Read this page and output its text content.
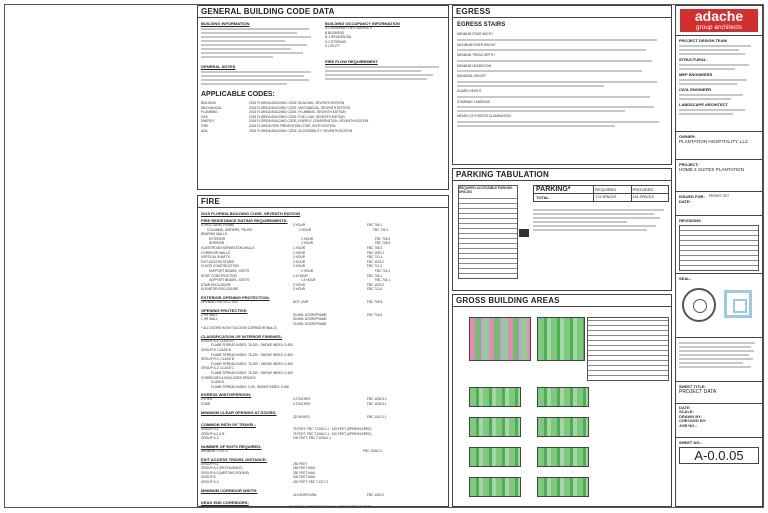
GENERAL BUILDING CODE DATA
BUILDING INFORMATION
GENERAL NOTES
BUILDING OCCUPANCY INFORMATION
A-2 ASSEMBLY RESTAURANTS
B BUSINESS
R-1 RESIDENTIAL
S-2 STORAGE
U UTILITY
FIRE FLOW REQUIREMENT
APPLICABLE CODES:
BUILDING	2015 FLORIDA BUILDING CODE, BUILDING, SEVENTH EDITION
MECHANICAL	2015 FLORIDA BUILDING CODE, MECHANICAL, SEVENTH EDITION
PLUMBING	2015 FLORIDA BUILDING CODE, PLUMBING, SEVENTH EDITION
GAS	2015 FLORIDA BUILDING CODE, FUEL GAS, SEVENTH EDITION
ENERGY	2015 FLORIDA BUILDING CODE, ENERGY CONSERVATION, SEVENTH EDITION
FIRE	2015 FLORIDA FIRE PREVENTION CODE, SIXTH EDITION
ADA	2015 FLORIDA BUILDING CODE, ACCESSIBILITY, SEVENTH EDITION
FIRE
2015 FLORIDA BUILDING CODE, SEVENTH EDITION
FIRE RESISTANCE RATING REQUIREMENTS:
STRUCTURAL FRAME	2 HOUR	FBC 704.1
COLUMNS, GIRDERS, TRUSS	2 HOUR	FBC 704.1
BEARING WALLS:
EXTERIOR	2 HOUR	FBC 705.5
INTERIOR	2 HOUR	FBC 705.5
GUESTROOM SEPARATION WALLS	1 HOUR	FBC 708.3
CORRIDOR WALLS	1 HOUR	FBC 1020.1
VERTICAL SHAFTS	2 HOUR	FBC 713.4
EXIT ACCESS STAIRS	2 HOUR	FBC 1023.2
FLOOR CONSTRUCTION	2 HOUR	FBC 711.2
SUPPORT BEAMS, JOISTS	2 HOUR	FBC 704.1
ROOF CONSTRUCTION	1.5 HOUR	FBC 705.1
SUPPORT BEAMS, JOISTS	1.5 HOUR	FBC 704.1
STAIR ENCLOSURE	2 HOUR	FBC 1023.2
ELEVATOR ENCLOSURE	2 HOUR	FBC 713.4
EXTERIOR OPENING PROTECTION:
OPENING PROTECTION	NOT LIMIT	FBC 705.8
OPENING PROTECTIVE:
2 HR WALL	90 MIN. DOOR/FRAME	FBC 716.5
1 HR WALL	60 MIN. DOOR/FRAME
20 MIN. DOOR/FRAME
* ALL DOORS IN EXIT ACCESS CORRIDOR WALLS
CLASSIFICATION OF INTERIOR FINISHES:
GROUP A-2: CLASS B
FLAME SPREAD INDEX: 76-200 ; SMOKE INDEX: 0-450
GROUP B: CLASS B
FLAME SPREAD INDEX: 76-200 ; SMOKE INDEX: 0-450
GROUP R-1: CLASS B
FLAME SPREAD INDEX: 76-200 ; SMOKE INDEX: 0-450
GROUP S-2: CLASS C
FLAME SPREAD INDEX: 76-200 ; SMOKE INDEX: 0-450
CORRIDORS & ENCLOSED SPACES:
CLASS A
FLAME SPREAD INDEX: 0-25 ; SMOKE INDEX: 0-450
EGRESS WIDTH/PERSON:
OTHER	0.2 INCHES	FBC 1005.3.2
STAIR	0.3 INCHES	FBC 1005.3.1
MINIMUM CLEAR OPENING AT DOORS:
32 INCHES	FBC 1010.1.1
COMMON PATH OF TRAVEL:
GROUP R-1	75 FEET; FBC T.1006.2.1 ; 125 FEET (SPRINKLERED)
GROUP A-2 & B	75 FEET; FBC T.1006.2.1 ; 100 FEET (SPRINKLERED)
GROUP S-2	100 FEET; FBC T.1006.2.1
NUMBER OF EXITS REQUIRED:
MINIMUM 2 EXITS	FBC 1006.2.1
EXIT ACCESS TRAVEL DISTANCE:
GROUP R-1	250 FEET
GROUP A-2 (RESTAURANT)	250 FEET MAX.
GROUP A-3 (MEETING ROOMS)	250 FEET MAX.
GROUP B	300 FEET MAX.
GROUP S-2	400 FEET; FBC T.1017.2
MINIMUM CORRIDOR WIDTH:
44 INCHES MIN.	FBC 1020.2
DEAD END CORRIDORS:
DEAD END CORRIDORS SHALL NOT EXCEED 20 FEET
EGRESS
EGRESS STAIRS
MINIMUM STAIR WIDTH
MAXIMUM RISER HEIGHT
MINIMUM TREAD DEPTH
MINIMUM HEADROOM
HANDRAIL HEIGHT
GUARD HEIGHT
STAIRWAY LANDINGS
MEANS OF EGRESS ILLUMINATION
PARKING TABULATION
REQUIRED ACCESSIBLE PARKING SPACES	PARKING*	REQUIRED	PROVIDED
TOTAL	174 SPACES	154 SPACES
GROSS BUILDING AREAS
adache
group architects
PROJECT DESIGN TEAM
STRUCTURAL:
MEP ENGINEERS
CIVIL ENGINEER
LANDSCAPE ARCHITECT
OWNER:
PLANTATION HOSPITALITY, LLC
PROJECT:
HOME 2 SUITES PLANTATION
ISSUED FOR: PERMIT SET
DATE:
REVISIONS
SEAL:
SHEET TITLE:
PROJECT DATA
DATE:
SCALE:
DRAWN BY:
CHECKED BY:
JOB NO.:
SHEET NO.:
A-0.0.05
